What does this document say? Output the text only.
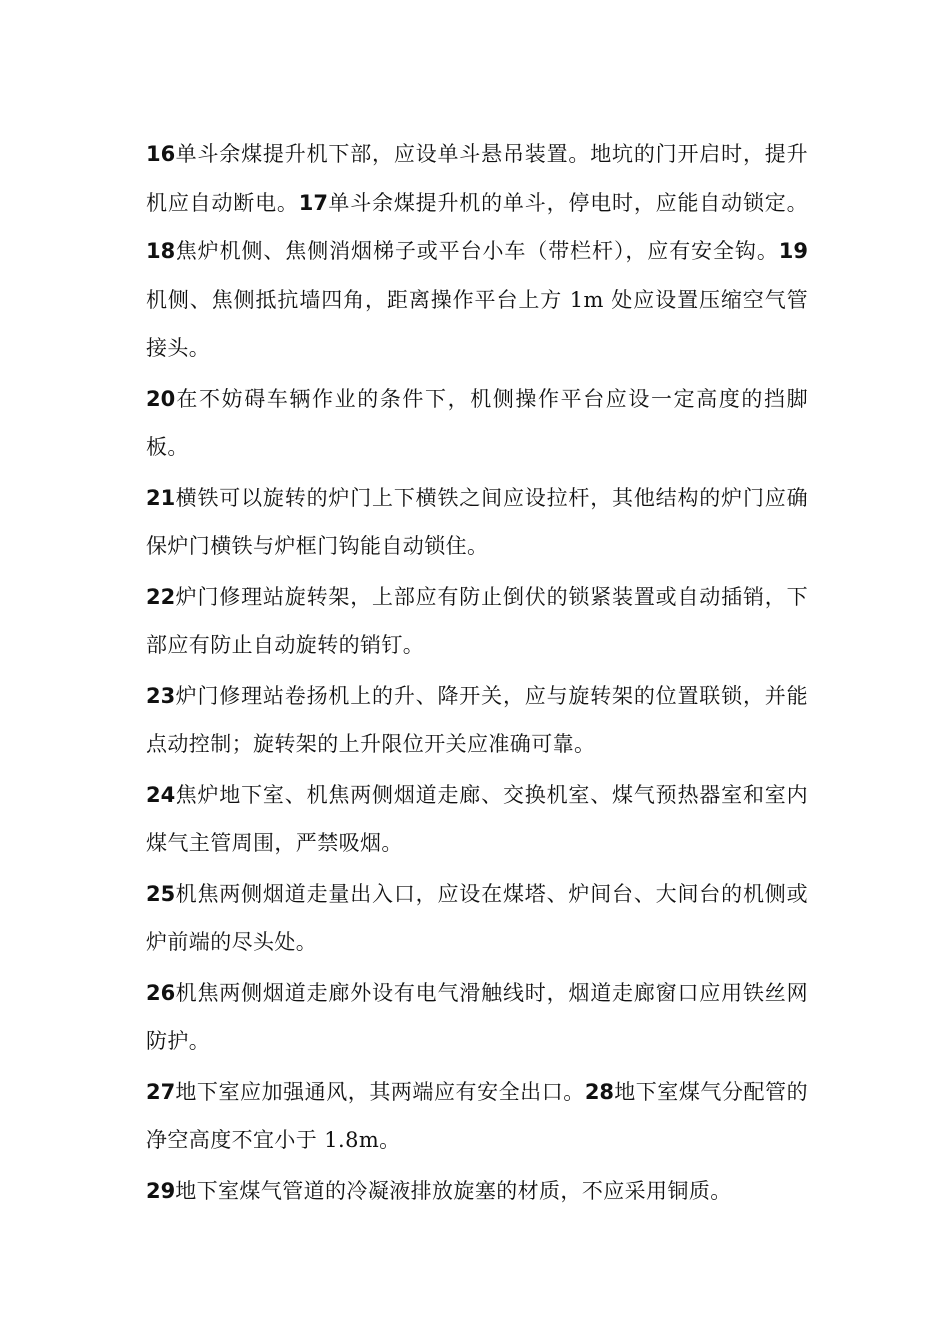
16单斗余煤提升机下部，应设单斗悬吊装置。地坑的门开启时，提升机应自动断电。17单斗余煤提升机的单斗，停电时，应能自动锁定。18焦炉机侧、焦侧消烟梯子或平台小车（带栏杆），应有安全钩。19机侧、焦侧抵抗墙四角，距离操作平台上方 1m 处应设置压缩空气管接头。

20在不妨碍车辆作业的条件下，机侧操作平台应设一定高度的挡脚板。

21横铁可以旋转的炉门上下横铁之间应设拉杆，其他结构的炉门应确保炉门横铁与炉框门钩能自动锁住。

22炉门修理站旋转架，上部应有防止倒伏的锁紧装置或自动插销，下部应有防止自动旋转的销钉。

23炉门修理站卷扬机上的升、降开关，应与旋转架的位置联锁，并能点动控制；旋转架的上升限位开关应准确可靠。

24焦炉地下室、机焦两侧烟道走廊、交换机室、煤气预热器室和室内煤气主管周围，严禁吸烟。

25机焦两侧烟道走量出入口，应设在煤塔、炉间台、大间台的机侧或炉前端的尽头处。

26机焦两侧烟道走廊外设有电气滑触线时，烟道走廊窗口应用铁丝网防护。

27地下室应加强通风，其两端应有安全出口。28地下室煤气分配管的净空高度不宜小于 1.8m。

29地下室煤气管道的冷凝液排放旋塞的材质，不应采用铜质。
